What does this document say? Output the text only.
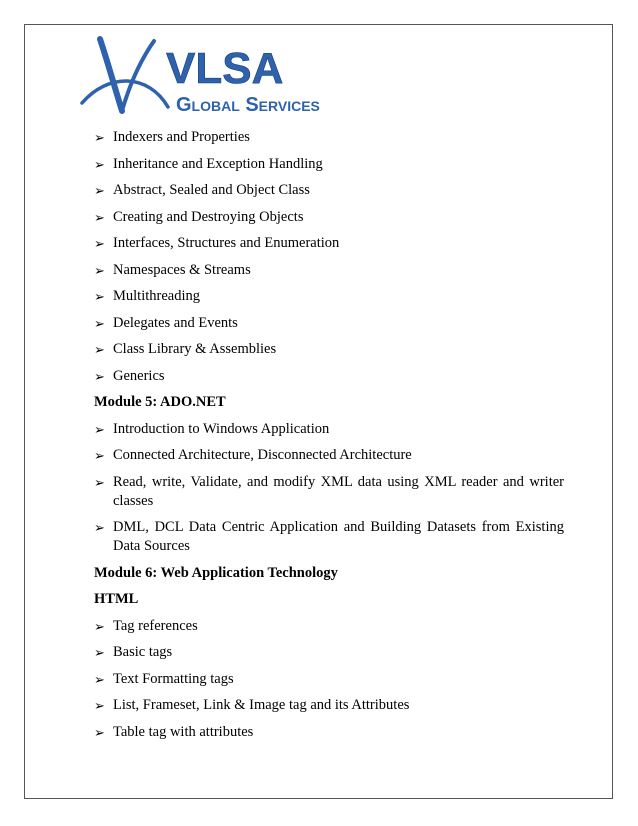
VLSA
Global Services
➢ Indexers and Properties
➢ Inheritance and Exception Handling
➢ Abstract, Sealed and Object Class
➢ Creating and Destroying Objects
➢ Interfaces, Structures and Enumeration
➢ Namespaces & Streams
➢ Multithreading
➢ Delegates and Events
➢ Class Library & Assemblies
➢ Generics
Module 5: ADO.NET
➢ Introduction to Windows Application
➢ Connected Architecture, Disconnected Architecture
➢ Read, write, Validate, and modify XML data using XML reader and writer classes
➢ DML, DCL Data Centric Application and Building Datasets from Existing Data Sources
Module 6: Web Application Technology
HTML
➢ Tag references
➢ Basic tags
➢ Text Formatting tags
➢ List, Frameset, Link & Image tag and its Attributes
➢ Table tag with attributes
